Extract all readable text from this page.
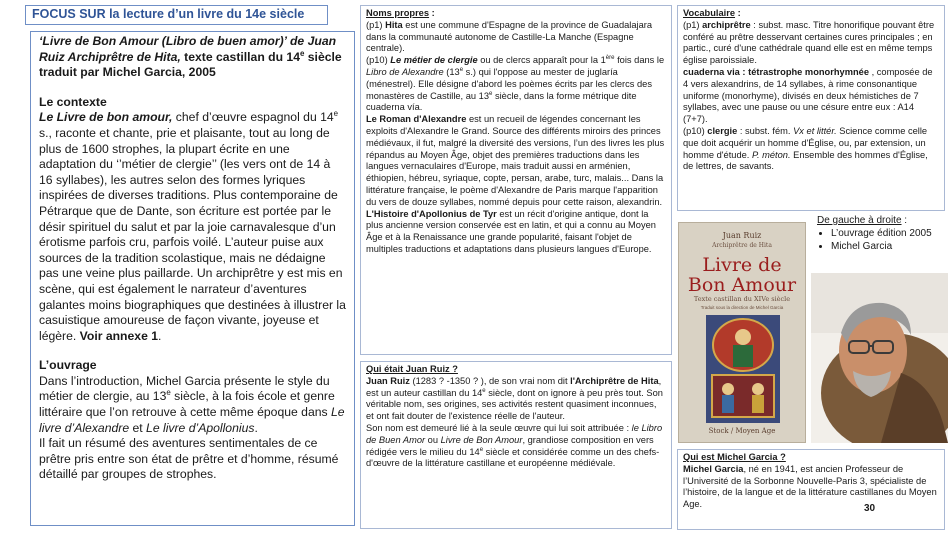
FOCUS SUR la lecture d’un livre du 14e siècle

‘Livre de Bon Amour (Libro de buen amor)’ de Juan Ruiz Archiprêtre de Hita, texte castillan du 14e siècle traduit par Michel Garcia, 2005

Le contexte

Le Livre de bon amour, chef d’œuvre espagnol du 14e s., raconte et chante, prie et plaisante, tout au long de plus de 1600 strophes, la plupart écrite en une adaptation du ‘’métier de clergie’’ (les vers ont de 14 à 16 syllabes), les autres selon des formes lyriques inspirées de diverses traditions. Plus contemporaine de Pétrarque que de Dante, son écriture est portée par le désir spirituel du salut et par la joie carnavalesque d’un érotisme parfois cru, parfois voilé. L’auteur puise aux sources de la tradition scolastique, mais ne dédaigne pas une veine plus paillarde. Un archiprêtre y est mis en scène, qui est également le narrateur d’aventures galantes moins biographiques que destinées à illustrer la casuistique amoureuse de façon vivante, joyeuse et légère. Voir annexe 1.

L’ouvrage

Dans l’introduction, Michel Garcia présente le style du métier de clergie, au 13e siècle, à la fois école et genre littéraire que l’on retrouve à cette même époque dans Le livre d’Alexandre et Le livre d’Apollonius.

Il fait un résumé des aventures sentimentales de ce prêtre pris entre son état de prêtre et d’homme, résumé détaillé par groupes de strophes.

Noms propres :

(p1) Hita est une commune d'Espagne de la province de Guadalajara dans la communauté autonome de Castille-La Manche (Espagne centrale).

(p10) Le métier de clergie ou de clercs apparaît pour la 1ère fois dans le Libro de Alexandre (13e s.) qui l'oppose au mester de juglaría (ménestrel). Elle désigne d'abord les poèmes écrits par les clercs des monastères de Castille, au 13e siècle, dans la forme métrique dite cuaderna vía.

Le Roman d'Alexandre est un recueil de légendes concernant les exploits d'Alexandre le Grand. Source des différents miroirs des princes médiévaux, il fut, malgré la diversité des versions, l’un des livres les plus répandus au Moyen Âge, objet des premières traductions dans les langues vernaculaires d'Europe, mais traduit aussi en arménien, éthiopien, hébreu, syriaque, copte, persan, arabe, turc, malais... Dans la littérature française, le poème d'Alexandre de Paris marque l'apparition du vers de douze syllabes, nommé depuis pour cette raison, alexandrin.

L'Histoire d'Apollonius de Tyr est un récit d'origine antique, dont la plus ancienne version conservée est en latin, et qui a connu au Moyen Âge et à la Renaissance une grande popularité, faisant l'objet de multiples traductions et adaptations dans plusieurs langues d'Europe.

Qui était Juan Ruiz ?

Juan Ruiz (1283 ? -1350 ? ), de son vrai nom dit l'Archiprêtre de Hita, est un auteur castillan du 14e siècle, dont on ignore à peu près tout. Son véritable nom, ses origines, ses activités restent quasiment inconnues, et ont fait douter de l'existence réelle de l'auteur.

Son nom est demeuré lié à la seule œuvre qui lui soit attribuée : le Libro de Buen Amor ou Livre de Bon Amour, grandiose composition en vers rédigée vers le milieu du 14e siècle et considérée comme un des chefs-d'œuvre de la littérature castillane et européenne médiévale.

Vocabulaire :

(p1) archiprêtre : subst. masc. Titre honorifique pouvant être conféré au prêtre desservant certaines cures principales ; en partic., curé d'une cathédrale quand elle est en même temps église paroissiale.

cuaderna via : tétrastrophe monorhymnée , composée de 4 vers alexandrins, de 14 syllabes, à rime consonantique uniforme (monorhyme), divisés en deux hémistiches de 7 syllabes, avec une pause ou une césure entre eux : A14 (7+7).

(p10) clergie : subst. fém. Vx et littér. Science comme celle que doit acquérir un homme d'Église, ou, par extension, un homme d'étude. P. méton. Ensemble des hommes d'Église, de lettres, de savants.

Juan Ruiz
Archiprêtre de Hita
Livre de
Bon Amour
Texte castillan du XIVe siècle
Traduit sous la direction de Michel Garcia
Stock / Moyen Age
De gauche à droite :
• L’ouvrage édition 2005
• Michel Garcia

Qui est Michel Garcia ?

Michel Garcia, né en 1941, est ancien Professeur de l’Université de la Sorbonne Nouvelle-Paris 3, spécialiste de l’histoire, de la langue et de la littérature castillanes du Moyen Age.	30
